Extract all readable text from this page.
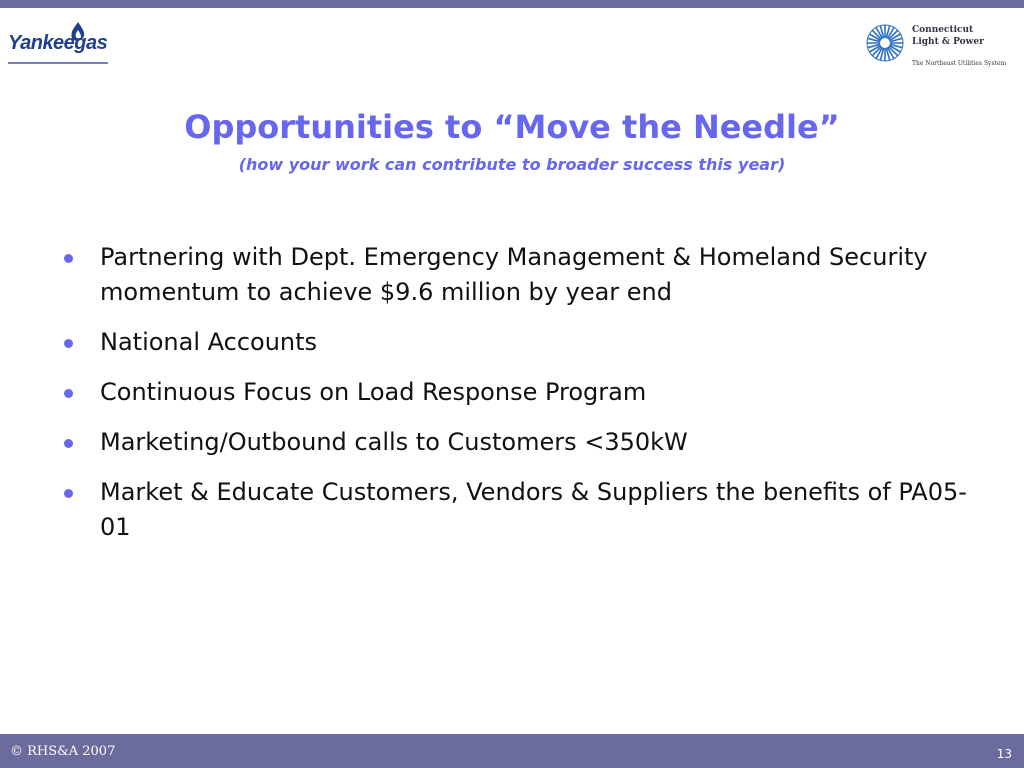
Yankeegas
Connecticut
Light & Power
The Northeast Utilities System
Opportunities to “Move the Needle”
(how your work can contribute to broader success this year)
Partnering with Dept. Emergency Management & Homeland Security momentum to achieve $9.6 million by year end
National Accounts
Continuous Focus on Load Response Program
Marketing/Outbound calls to Customers <350kW
Market & Educate Customers, Vendors & Suppliers the benefits of PA05-01
© RHS&A 2007	13
